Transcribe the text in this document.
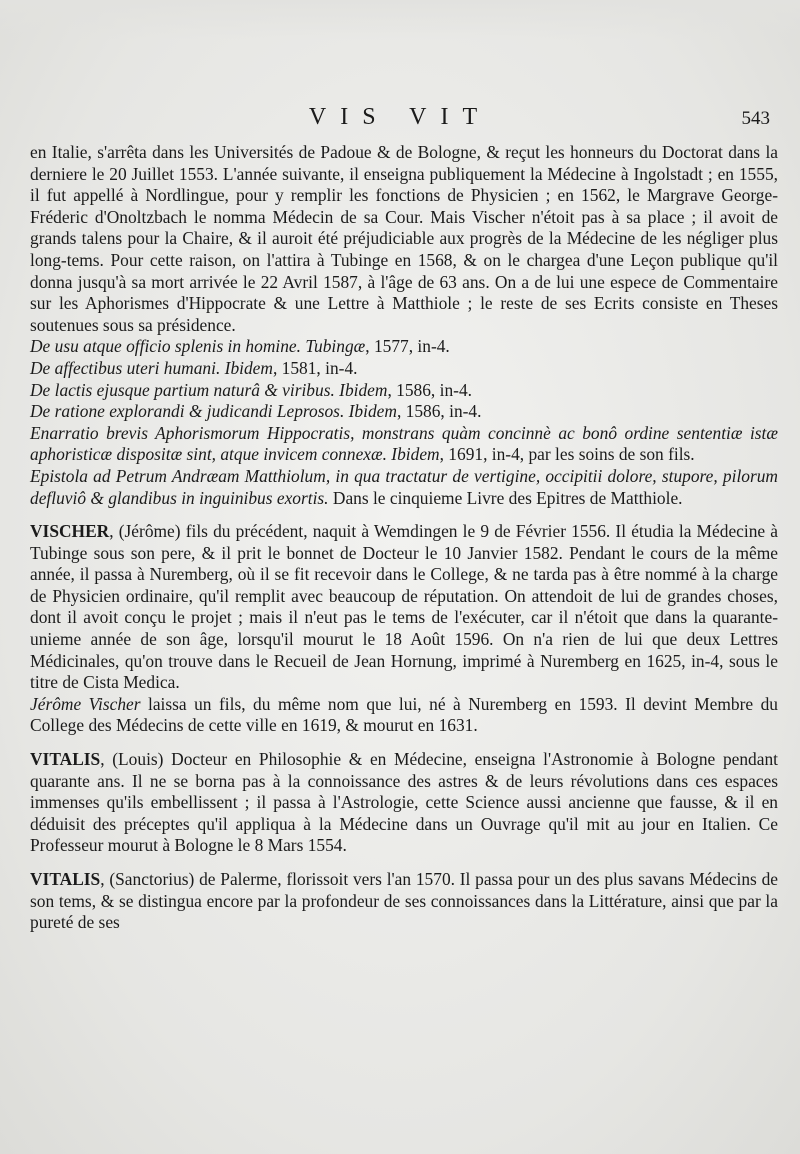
VIS VIT	543

en Italie, s'arrêta dans les Universités de Padoue & de Bologne, & reçut les honneurs du Doctorat dans la derniere le 20 Juillet 1553. L'année suivante, il enseigna publiquement la Médecine à Ingolstadt ; en 1555, il fut appellé à Nordlingue, pour y remplir les fonctions de Physicien ; en 1562, le Margrave George-Fréderic d'Onoltzbach le nomma Médecin de sa Cour. Mais Vischer n'étoit pas à sa place ; il avoit de grands talens pour la Chaire, & il auroit été préjudiciable aux progrès de la Médecine de les négliger plus long-tems. Pour cette raison, on l'attira à Tubinge en 1568, & on le chargea d'une Leçon publique qu'il donna jusqu'à sa mort arrivée le 22 Avril 1587, à l'âge de 63 ans. On a de lui une espece de Commentaire sur les Aphorismes d'Hippocrate & une Lettre à Matthiole ; le reste de ses Ecrits consiste en Theses soutenues sous sa présidence.

De usu atque officio splenis in homine. Tubingæ, 1577, in-4.

De affectibus uteri humani. Ibidem, 1581, in-4.

De lactis ejusque partium naturâ & viribus. Ibidem, 1586, in-4.

De ratione explorandi & judicandi Leprosos. Ibidem, 1586, in-4.

Enarratio brevis Aphorismorum Hippocratis, monstrans quàm concinnè ac bonô ordine sententiæ istæ aphoristicæ dispositæ sint, atque invicem connexæ. Ibidem, 1691, in-4, par les soins de son fils.

Epistola ad Petrum Andræam Matthiolum, in qua tractatur de vertigine, occipitii dolore, stupore, pilorum defluviô & glandibus in inguinibus exortis. Dans le cinquieme Livre des Epitres de Matthiole.

VISCHER, (Jérôme) fils du précédent, naquit à Wemdingen le 9 de Février 1556. Il étudia la Médecine à Tubinge sous son pere, & il prit le bonnet de Docteur le 10 Janvier 1582. Pendant le cours de la même année, il passa à Nuremberg, où il se fit recevoir dans le College, & ne tarda pas à être nommé à la charge de Physicien ordinaire, qu'il remplit avec beaucoup de réputation. On attendoit de lui de grandes choses, dont il avoit conçu le projet ; mais il n'eut pas le tems de l'exécuter, car il n'étoit que dans la quarante-unieme année de son âge, lorsqu'il mourut le 18 Août 1596. On n'a rien de lui que deux Lettres Médicinales, qu'on trouve dans le Recueil de Jean Hornung, imprimé à Nuremberg en 1625, in-4, sous le titre de Cista Medica.

Jérôme Vischer laissa un fils, du même nom que lui, né à Nuremberg en 1593. Il devint Membre du College des Médecins de cette ville en 1619, & mourut en 1631.

VITALIS, (Louis) Docteur en Philosophie & en Médecine, enseigna l'Astronomie à Bologne pendant quarante ans. Il ne se borna pas à la connoissance des astres & de leurs révolutions dans ces espaces immenses qu'ils embellissent ; il passa à l'Astrologie, cette Science aussi ancienne que fausse, & il en déduisit des préceptes qu'il appliqua à la Médecine dans un Ouvrage qu'il mit au jour en Italien. Ce Professeur mourut à Bologne le 8 Mars 1554.

VITALIS, (Sanctorius) de Palerme, florissoit vers l'an 1570. Il passa pour un des plus savans Médecins de son tems, & se distingua encore par la profondeur de ses connoissances dans la Littérature, ainsi que par la pureté de ses
